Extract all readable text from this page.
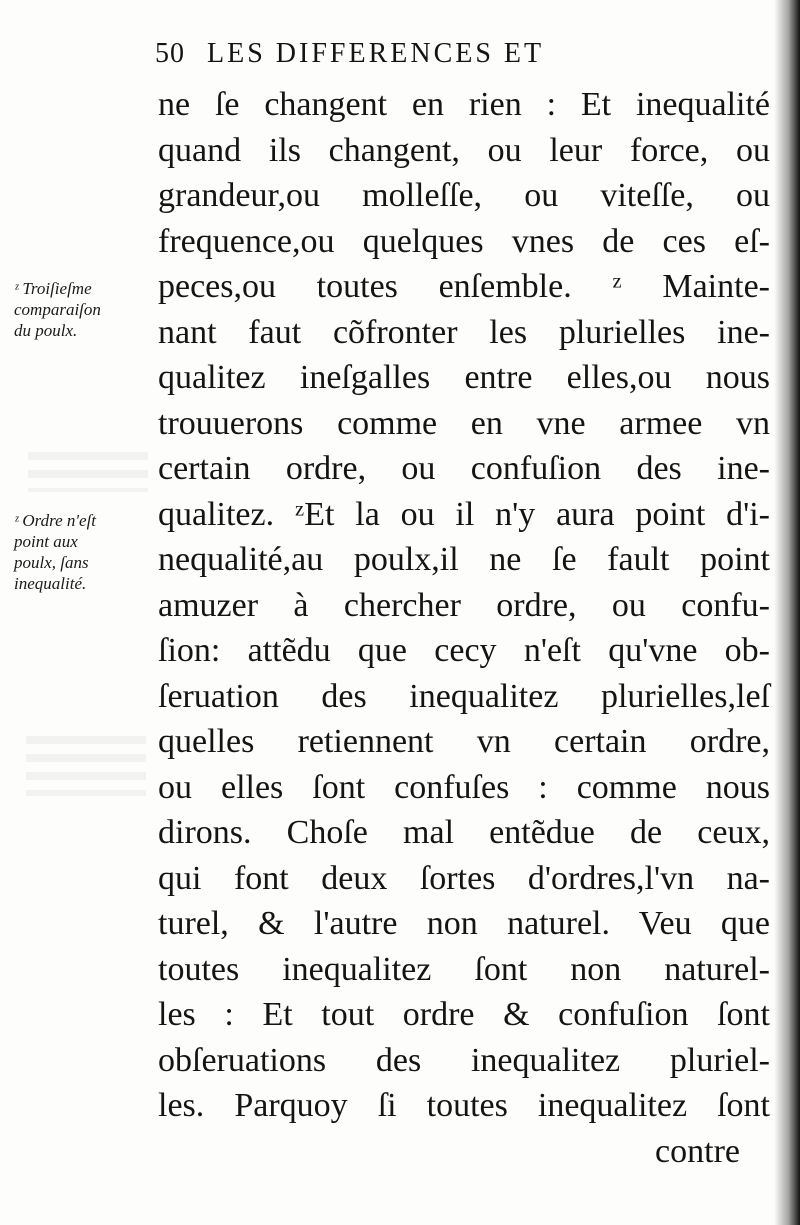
50 LES DIFFERENCES ET
ne ſe changent en rien : Et inequalité
quand ils changent, ou leur force, ou
grandeur,ou molleſſe, ou viteſſe, ou
frequence,ou quelques vnes de ces eſ-
peces,ou toutes enſemble. ᶻ Mainte-
nant faut cõfronter les plurielles ine-
qualitez ineſgalles entre elles,ou nous
trouuerons comme en vne armee vn
certain ordre, ou confuſion des ine-
qualitez. ᶻEt la ou il n'y aura point d'i-
nequalité,au poulx,il ne ſe fault point
amuzer à chercher ordre, ou confu-
ſion: attẽdu que cecy n'eſt qu'vne ob-
ſeruation des inequalitez plurielles,leſ
quelles retiennent vn certain ordre,
ou elles ſont confuſes : comme nous
dirons. Choſe mal entẽdue de ceux,
qui font deux ſortes d'ordres,l'vn na-
turel, & l'autre non naturel. Veu que
toutes inequalitez ſont non naturel-
les : Et tout ordre & confuſion ſont
obſeruations des inequalitez pluriel-
les. Parquoy ſi toutes inequalitez ſont
contre
ᶻ Troiſieſme
comparaiſon
du poulx.
ᶻ Ordre n'eſt
point aux
poulx, ſans
inequalité.
